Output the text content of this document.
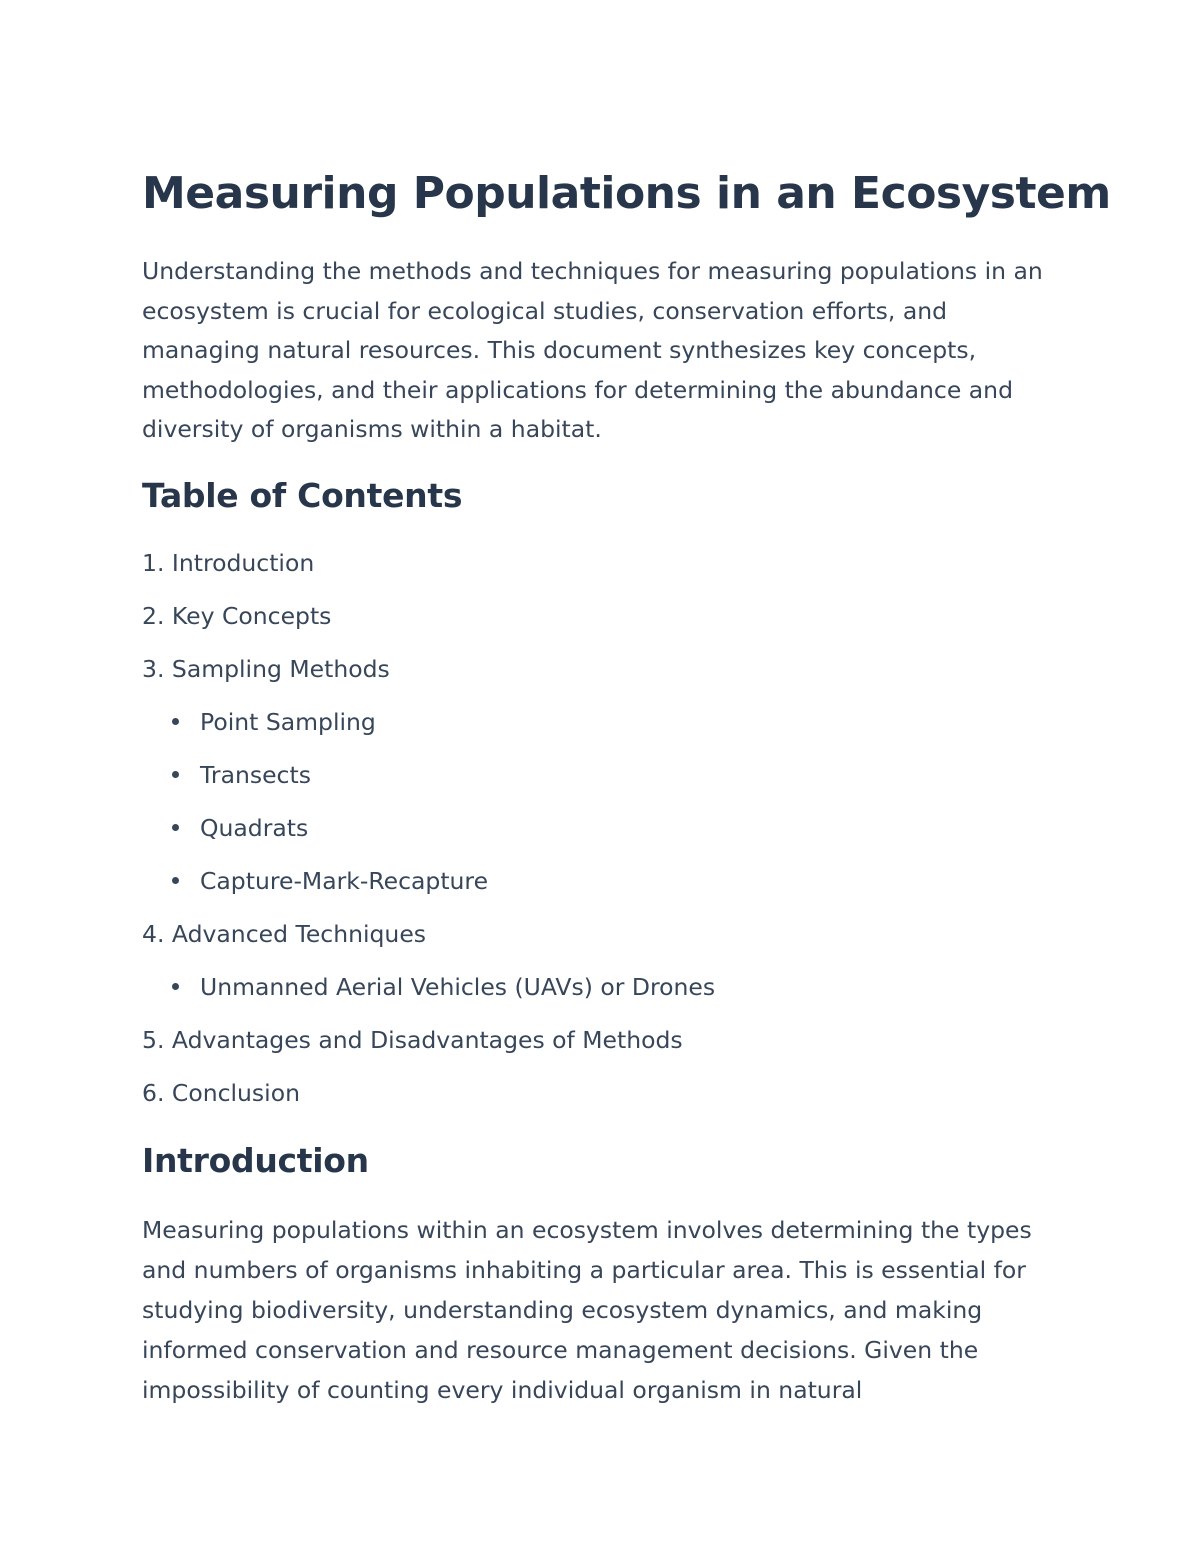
Measuring Populations in an Ecosystem

Understanding the methods and techniques for measuring populations in an ecosystem is crucial for ecological studies, conservation efforts, and managing natural resources. This document synthesizes key concepts, methodologies, and their applications for determining the abundance and diversity of organisms within a habitat.

Table of Contents
1. Introduction
2. Key Concepts
3. Sampling Methods
Point Sampling
Transects
Quadrats
Capture-Mark-Recapture
4. Advanced Techniques
Unmanned Aerial Vehicles (UAVs) or Drones
5. Advantages and Disadvantages of Methods
6. Conclusion
Introduction

Measuring populations within an ecosystem involves determining the types and numbers of organisms inhabiting a particular area. This is essential for studying biodiversity, understanding ecosystem dynamics, and making informed conservation and resource management decisions. Given the impossibility of counting every individual organism in natural
